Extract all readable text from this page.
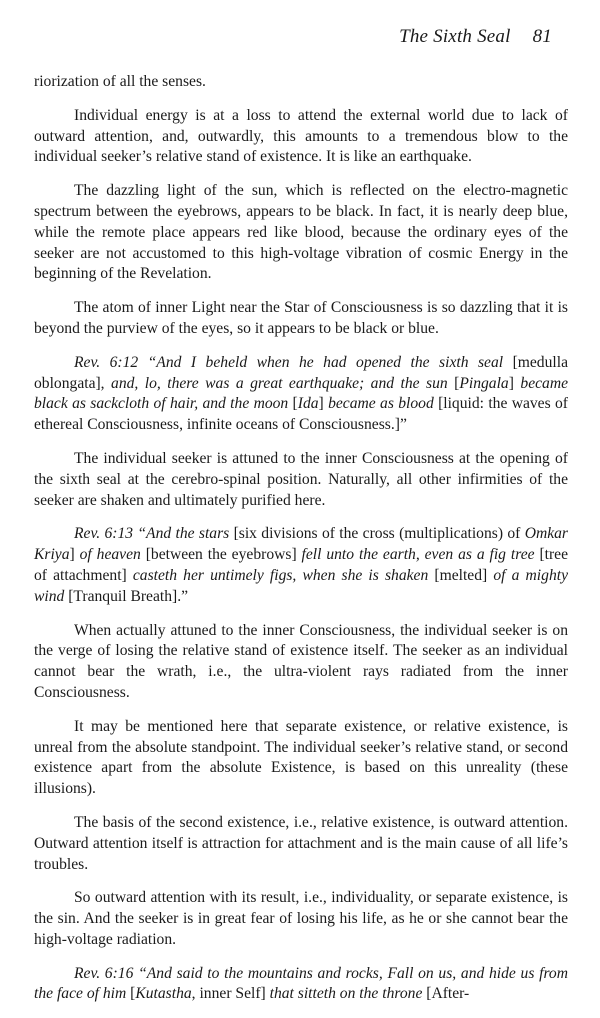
The Sixth Seal 81

riorization of all the senses.

Individual energy is at a loss to attend the external world due to lack of outward attention, and, outwardly, this amounts to a tremendous blow to the individual seeker’s relative stand of existence. It is like an earthquake.

The dazzling light of the sun, which is reflected on the electro-magnetic spectrum between the eyebrows, appears to be black. In fact, it is nearly deep blue, while the remote place appears red like blood, because the ordinary eyes of the seeker are not accustomed to this high-voltage vibration of cosmic Energy in the beginning of the Revelation.

The atom of inner Light near the Star of Consciousness is so dazzling that it is beyond the purview of the eyes, so it appears to be black or blue.

Rev. 6:12 “And I beheld when he had opened the sixth seal [medulla oblongata], and, lo, there was a great earthquake; and the sun [Pingala] became black as sackcloth of hair, and the moon [Ida] became as blood [liquid: the waves of ethereal Consciousness, infinite oceans of Consciousness.]”

The individual seeker is attuned to the inner Consciousness at the opening of the sixth seal at the cerebro-spinal position. Naturally, all other infirmities of the seeker are shaken and ultimately purified here.

Rev. 6:13 “And the stars [six divisions of the cross (multiplications) of Omkar Kriya] of heaven [between the eyebrows] fell unto the earth, even as a fig tree [tree of attachment] casteth her untimely figs, when she is shaken [melted] of a mighty wind [Tranquil Breath].”

When actually attuned to the inner Consciousness, the individual seeker is on the verge of losing the relative stand of existence itself. The seeker as an individual cannot bear the wrath, i.e., the ultra-violent rays radiated from the inner Consciousness.

It may be mentioned here that separate existence, or relative existence, is unreal from the absolute standpoint. The individual seeker’s relative stand, or second existence apart from the absolute Existence, is based on this unreality (these illusions).

The basis of the second existence, i.e., relative existence, is outward attention. Outward attention itself is attraction for attachment and is the main cause of all life’s troubles.

So outward attention with its result, i.e., individuality, or separate existence, is the sin. And the seeker is in great fear of losing his life, as he or she cannot bear the high-voltage radiation.

Rev. 6:16 “And said to the mountains and rocks, Fall on us, and hide us from the face of him [Kutastha, inner Self] that sitteth on the throne [After-
